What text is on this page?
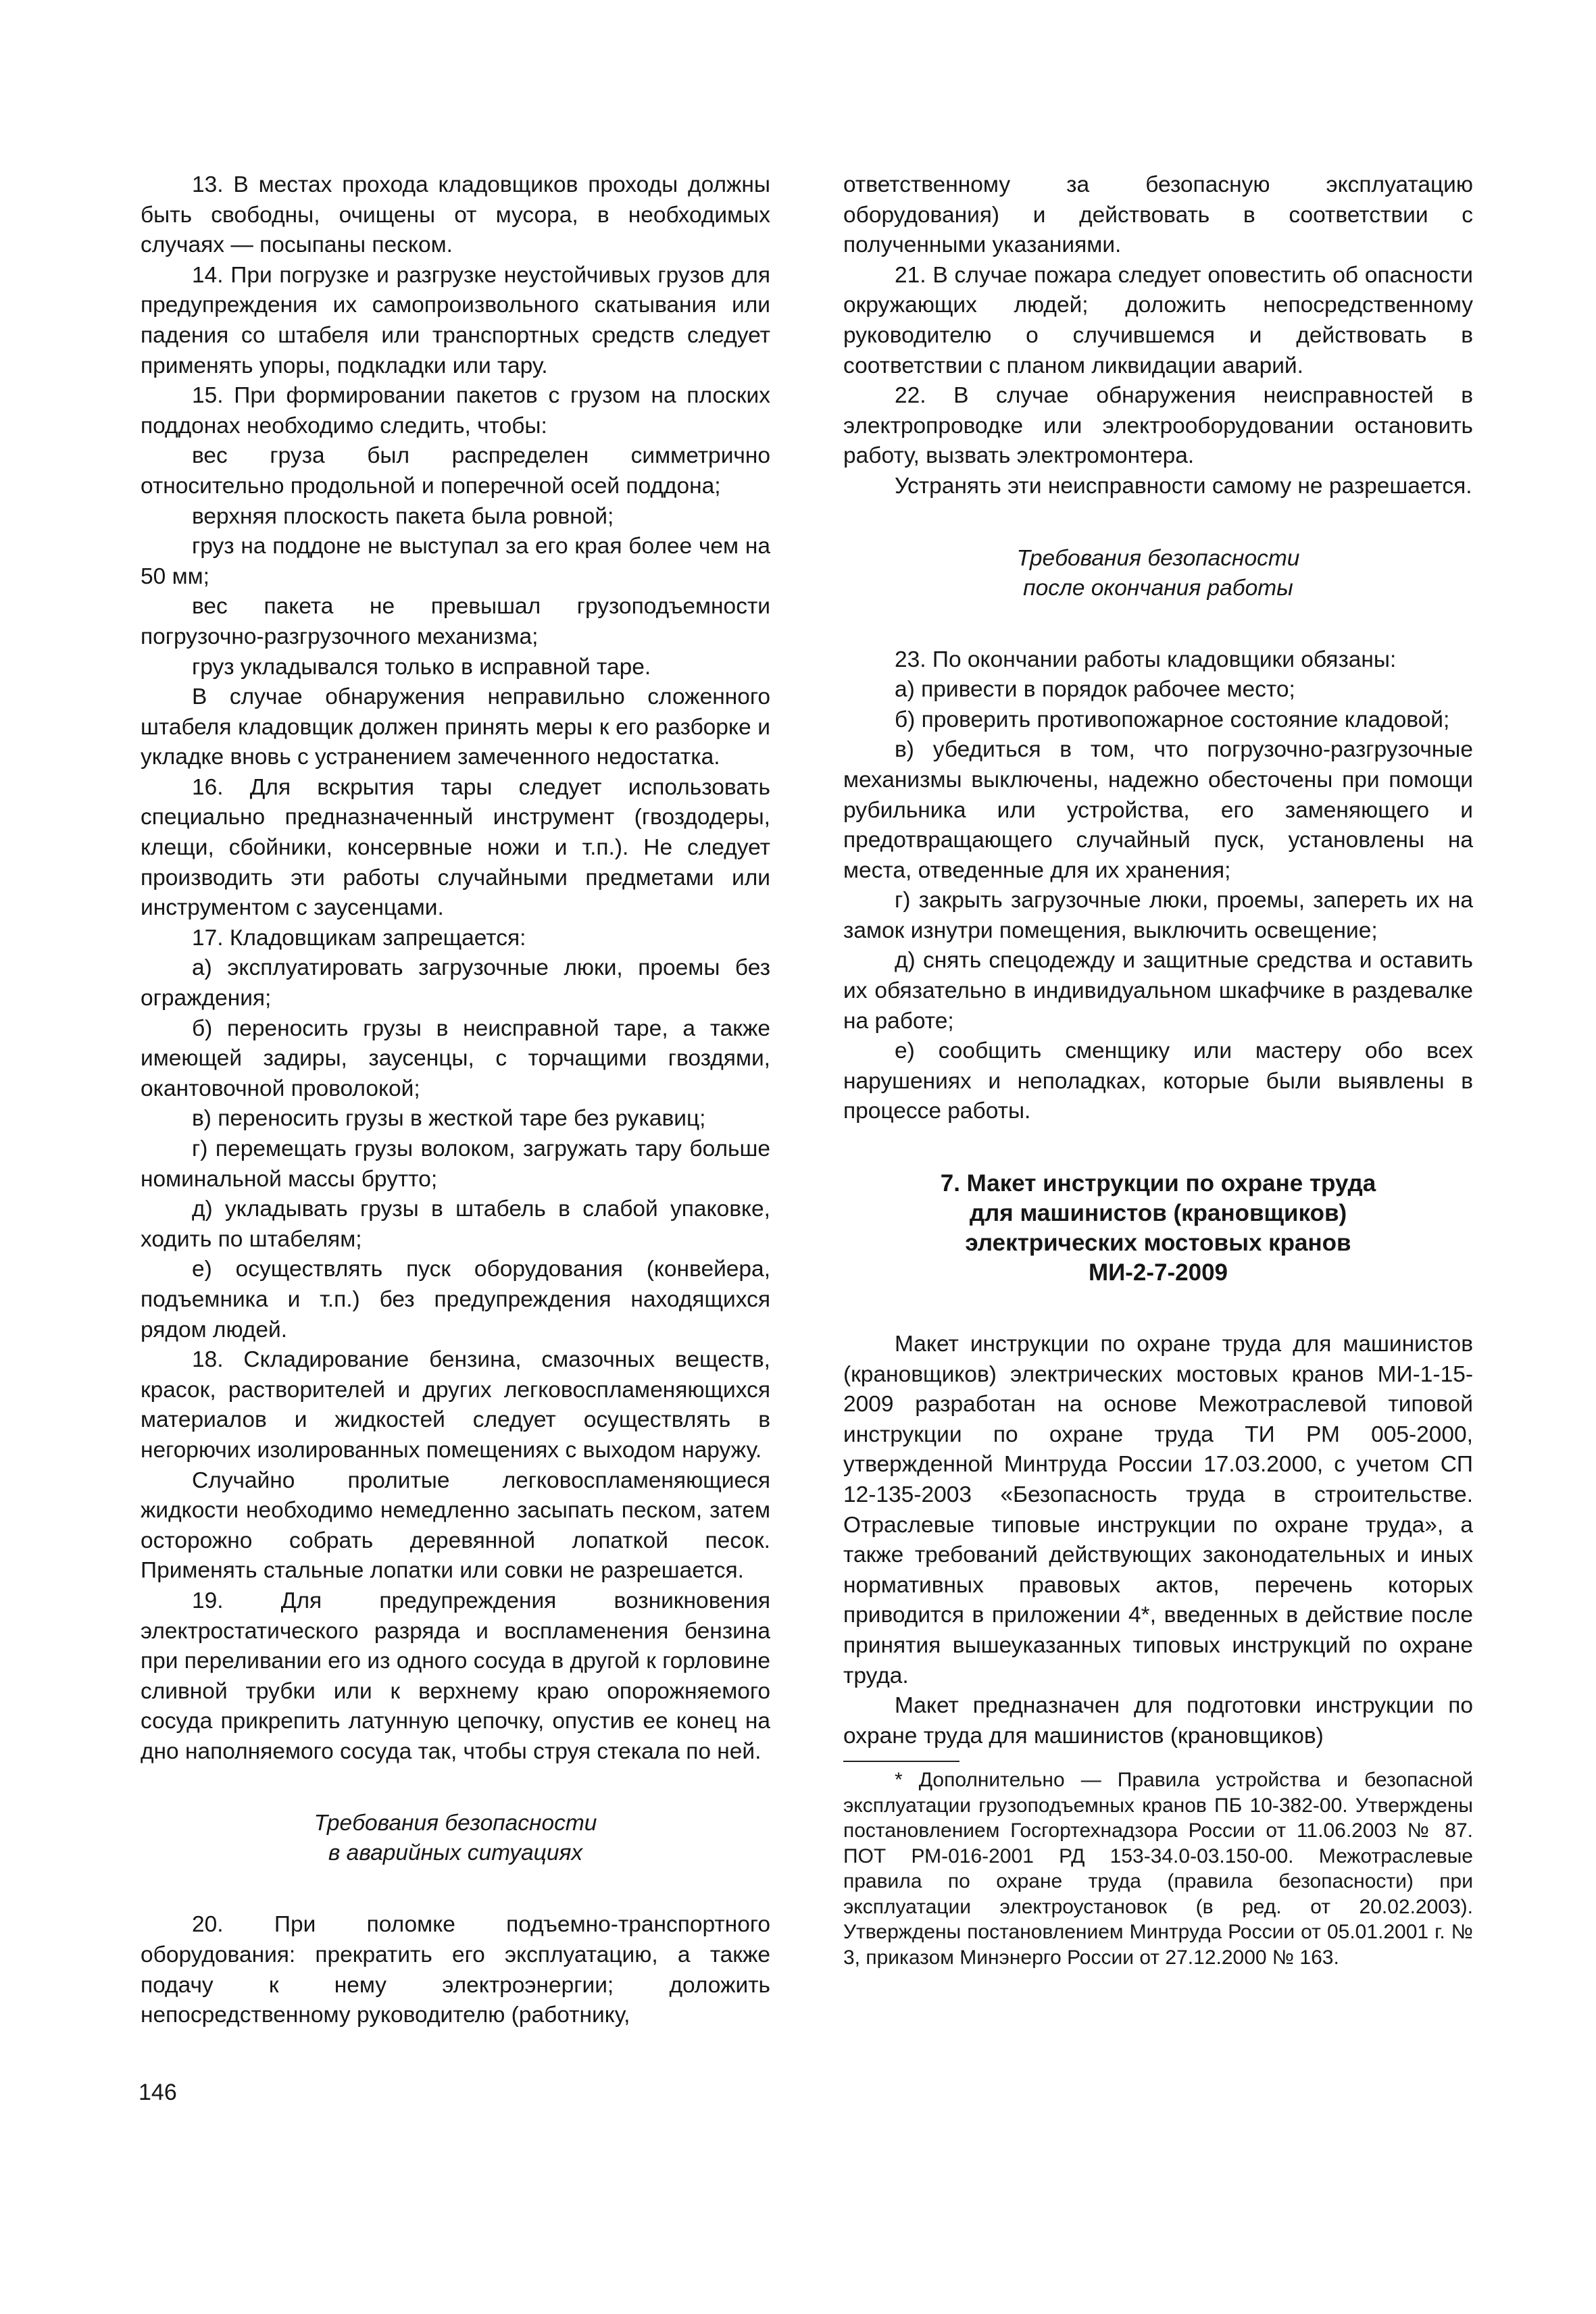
13. В местах прохода кладовщиков проходы должны быть свободны, очищены от мусора, в необходимых случаях — посыпаны песком.

14. При погрузке и разгрузке неустойчивых грузов для предупреждения их самопроизвольного скатывания или падения со штабеля или транспортных средств следует применять упоры, подкладки или тару.

15. При формировании пакетов с грузом на плоских поддонах необходимо следить, чтобы:

вес груза был распределен симметрично относительно продольной и поперечной осей поддона;

верхняя плоскость пакета была ровной;

груз на поддоне не выступал за его края более чем на 50 мм;

вес пакета не превышал грузоподъемности погрузочно-разгрузочного механизма;

груз укладывался только в исправной таре.

В случае обнаружения неправильно сложенного штабеля кладовщик должен принять меры к его разборке и укладке вновь с устранением замеченного недостатка.

16. Для вскрытия тары следует использовать специально предназначенный инструмент (гвоздодеры, клещи, сбойники, консервные ножи и т.п.). Не следует производить эти работы случайными предметами или инструментом с заусенцами.

17. Кладовщикам запрещается:

а) эксплуатировать загрузочные люки, проемы без ограждения;

б) переносить грузы в неисправной таре, а также имеющей задиры, заусенцы, с торчащими гвоздями, окантовочной проволокой;

в) переносить грузы в жесткой таре без рукавиц;

г) перемещать грузы волоком, загружать тару больше номинальной массы брутто;

д) укладывать грузы в штабель в слабой упаковке, ходить по штабелям;

е) осуществлять пуск оборудования (конвейера, подъемника и т.п.) без предупреждения находящихся рядом людей.

18. Складирование бензина, смазочных веществ, красок, растворителей и других легковоспламеняющихся материалов и жидкостей следует осуществлять в негорючих изолированных помещениях с выходом наружу.

Случайно пролитые легковоспламеняющиеся жидкости необходимо немедленно засыпать песком, затем осторожно собрать деревянной лопаткой песок. Применять стальные лопатки или совки не разрешается.

19. Для предупреждения возникновения электростатического разряда и воспламенения бензина при переливании его из одного сосуда в другой к горловине сливной трубки или к верхнему краю опорожняемого сосуда прикрепить латунную цепочку, опустив ее конец на дно наполняемого сосуда так, чтобы струя стекала по ней.

Требования безопасности

в аварийных ситуациях

20. При поломке подъемно-транспортного оборудования: прекратить его эксплуатацию, а также подачу к нему электроэнергии; доложить непосредственному руководителю (работнику,

ответственному за безопасную эксплуатацию оборудования) и действовать в соответствии с полученными указаниями.

21. В случае пожара следует оповестить об опасности окружающих людей; доложить непосредственному руководителю о случившемся и действовать в соответствии с планом ликвидации аварий.

22. В случае обнаружения неисправностей в электропроводке или электрооборудовании остановить работу, вызвать электромонтера.

Устранять эти неисправности самому не разрешается.

Требования безопасности

после окончания работы

23. По окончании работы кладовщики обязаны:

а) привести в порядок рабочее место;

б) проверить противопожарное состояние кладовой;

в) убедиться в том, что погрузочно-разгрузочные механизмы выключены, надежно обесточены при помощи рубильника или устройства, его заменяющего и предотвращающего случайный пуск, установлены на места, отведенные для их хранения;

г) закрыть загрузочные люки, проемы, запереть их на замок изнутри помещения, выключить освещение;

д) снять спецодежду и защитные средства и оставить их обязательно в индивидуальном шкафчике в раздевалке на работе;

е) сообщить сменщику или мастеру обо всех нарушениях и неполадках, которые были выявлены в процессе работы.

7. Макет инструкции по охране труда

для машинистов (крановщиков)

электрических мостовых кранов

МИ-2-7-2009

Макет инструкции по охране труда для машинистов (крановщиков) электрических мостовых кранов МИ-1-15-2009 разработан на основе Межотраслевой типовой инструкции по охране труда ТИ РМ 005-2000, утвержденной Минтруда России 17.03.2000, с учетом СП 12-135-2003 «Безопасность труда в строительстве. Отраслевые типовые инструкции по охране труда», а также требований действующих законодательных и иных нормативных правовых актов, перечень которых приводится в приложении 4*, введенных в действие после принятия вышеуказанных типовых инструкций по охране труда.

Макет предназначен для подготовки инструкции по охране труда для машинистов (крановщиков)

* Дополнительно — Правила устройства и безопасной эксплуатации грузоподъемных кранов ПБ 10-382-00. Утверждены постановлением Госгортехнадзора России от 11.06.2003 № 87. ПОТ РМ-016-2001 РД 153-34.0-03.150-00. Межотраслевые правила по охране труда (правила безопасности) при эксплуатации электроустановок (в ред. от 20.02.2003). Утверждены постановлением Минтруда России от 05.01.2001 г. № 3, приказом Минэнерго России от 27.12.2000 № 163.

146
